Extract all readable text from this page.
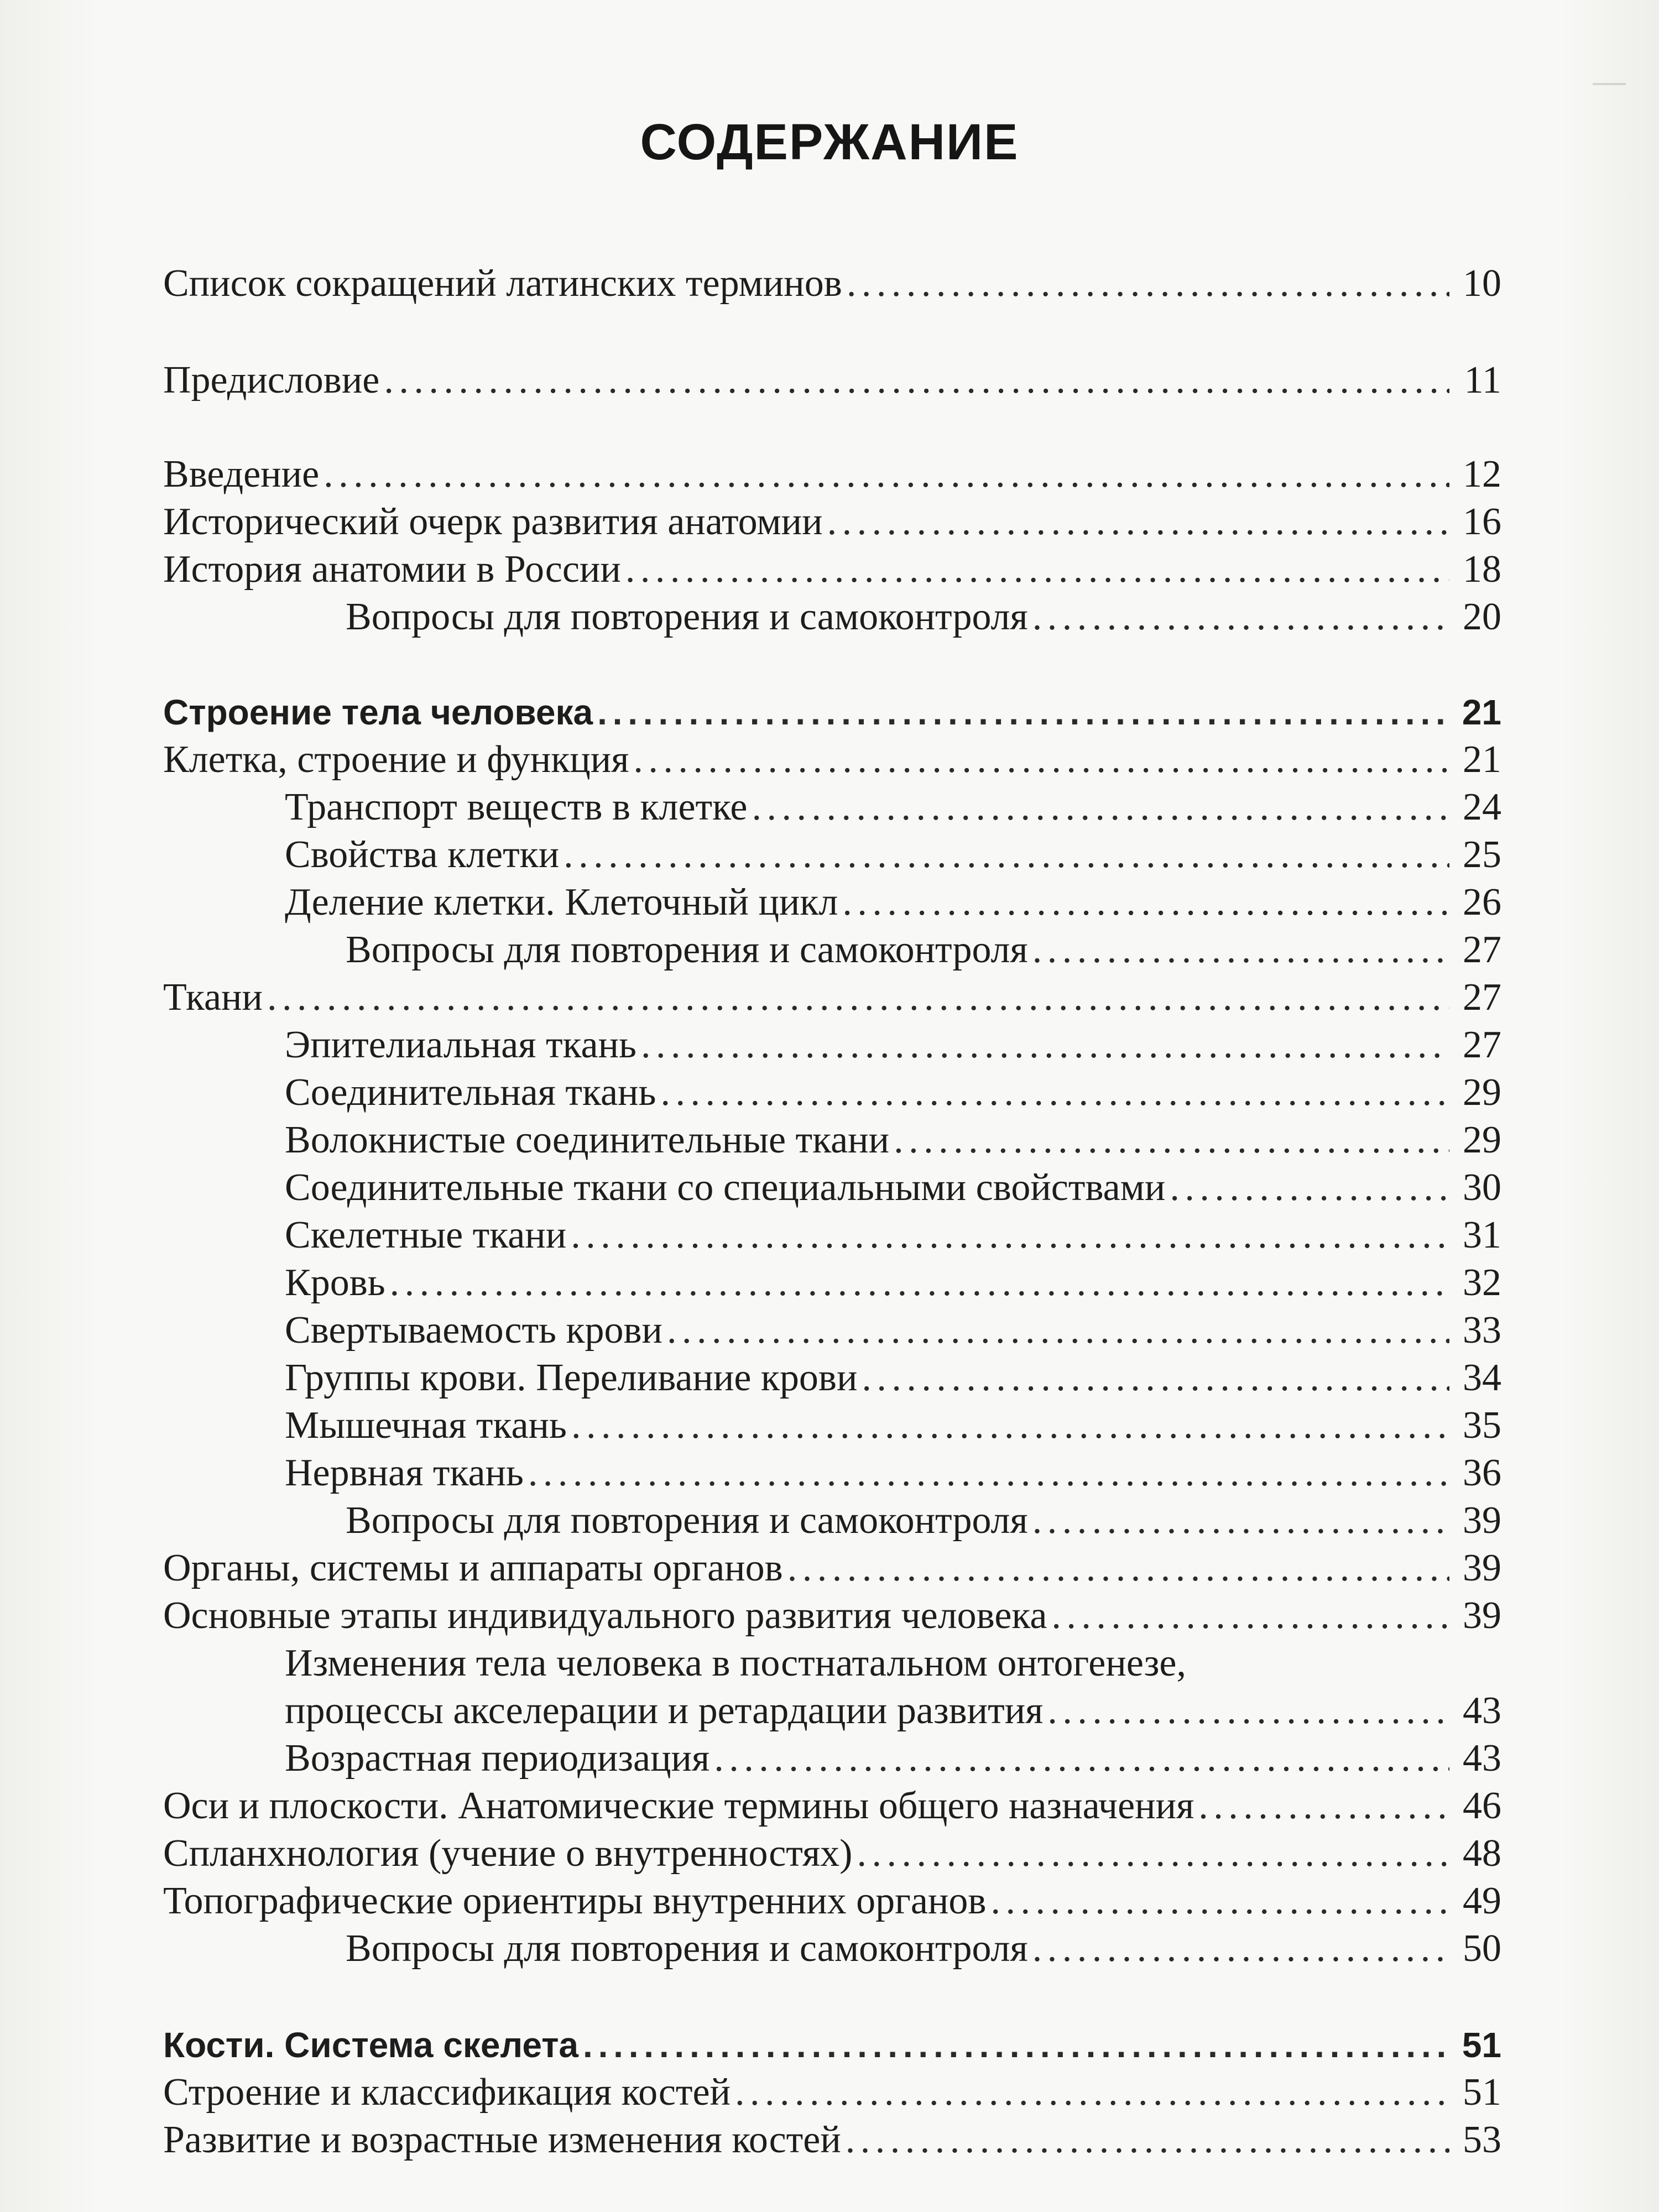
СОДЕРЖАНИЕ
Список сокращений латинских терминов . . .	10
Предисловие . . .	11
Введение . . .	12
Исторический очерк развития анатомии . . .	16
История анатомии в России . . .	18
Вопросы для повторения и самоконтроля . . .	20
Строение тела человека . . .	21
Клетка, строение и функция . . .	21
Транспорт веществ в клетке . . .	24
Свойства клетки . . .	25
Деление клетки. Клеточный цикл . . .	26
Вопросы для повторения и самоконтроля . . .	27
Ткани . . .	27
Эпителиальная ткань . . .	27
Соединительная ткань . . .	29
Волокнистые соединительные ткани . . .	29
Соединительные ткани со специальными свойствами . . .	30
Скелетные ткани . . .	31
Кровь . . .	32
Свертываемость крови . . .	33
Группы крови. Переливание крови . . .	34
Мышечная ткань . . .	35
Нервная ткань . . .	36
Вопросы для повторения и самоконтроля . . .	39
Органы, системы и аппараты органов . . .	39
Основные этапы индивидуального развития человека . . .	39
Изменения тела человека в постнатальном онтогенезе,
процессы акселерации и ретардации развития . . .	43
Возрастная периодизация . . .	43
Оси и плоскости. Анатомические термины общего назначения . . .	46
Спланхнология (учение о внутренностях) . . .	48
Топографические ориентиры внутренних органов . . .	49
Вопросы для повторения и самоконтроля . . .	50
Кости. Система скелета . . .	51
Строение и классификация костей . . .	51
Развитие и возрастные изменения костей . . .	53
